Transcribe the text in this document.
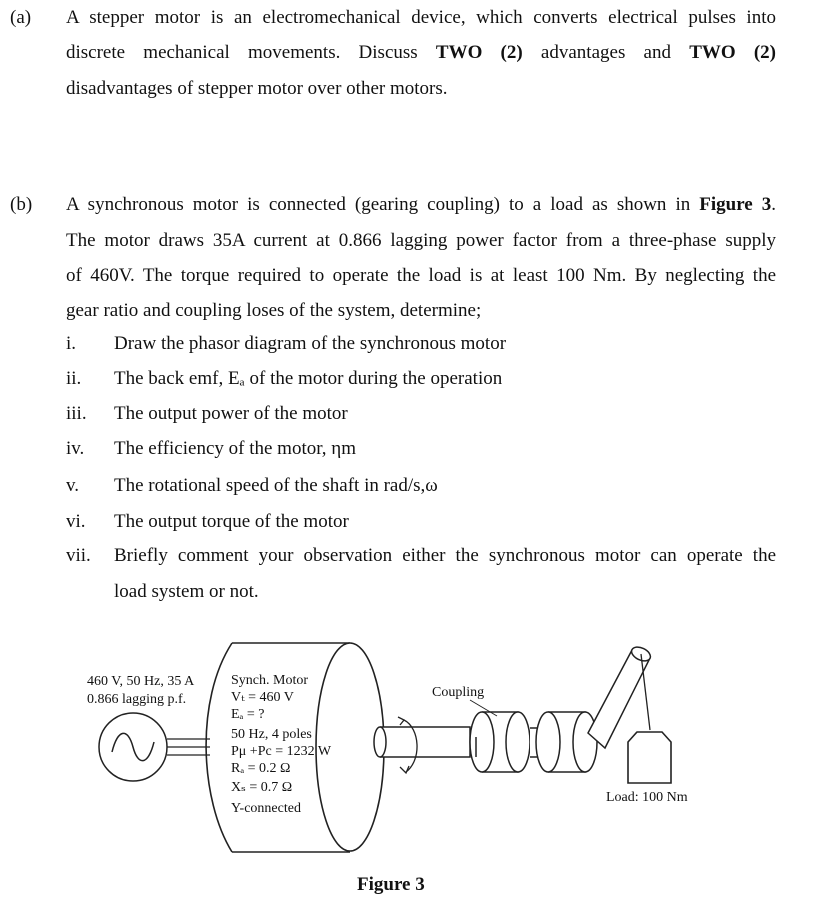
(a) A stepper motor is an electromechanical device, which converts electrical pulses into
discrete mechanical movements. Discuss TWO (2) advantages and TWO (2)
disadvantages of stepper motor over other motors.
(b) A synchronous motor is connected (gearing coupling) to a load as shown in Figure 3.
The motor draws 35A current at 0.866 lagging power factor from a three-phase supply
of 460V. The torque required to operate the load is at least 100 Nm. By neglecting the
gear ratio and coupling loses of the system, determine;
i. Draw the phasor diagram of the synchronous motor
ii. The back emf, Eₐ of the motor during the operation
iii. The output power of the motor
iv. The efficiency of the motor, ηm
v. The rotational speed of the shaft in rad/s,ω
vi. The output torque of the motor
vii. Briefly comment your observation either the synchronous motor can operate the
load system or not.
460 V, 50 Hz, 35 A
0.866 lagging p.f.
Synch. Motor
Vₜ = 460 V
Eₐ = ?
50 Hz, 4 poles
Pμ +Pc = 1232 W
Rₐ = 0.2 Ω
Xₛ = 0.7 Ω
Y-connected
Coupling
Load: 100 Nm
Figure 3
